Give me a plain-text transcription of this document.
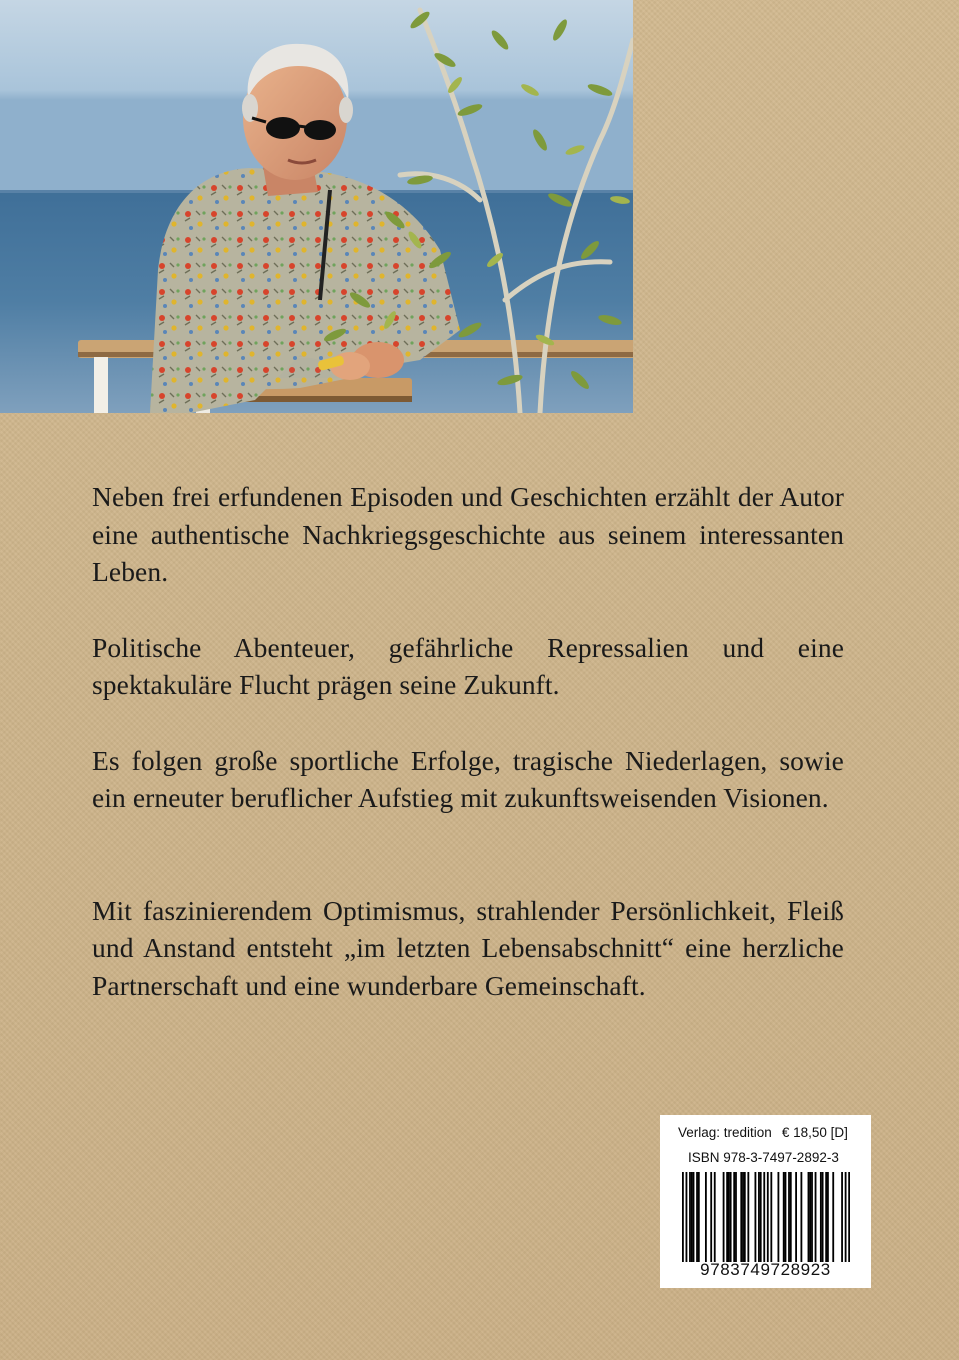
Neben frei erfundenen Episoden und Geschichten erzählt der Autor eine authentische Nachkriegsgeschichte aus seinem interessanten Leben.

Politische Abenteuer, gefährliche Repressalien und eine spektakuläre Flucht prägen seine Zukunft.

Es folgen große sportliche Erfolge, tragische Niederlagen, sowie ein erneuter beruflicher Aufstieg mit zukunftsweisenden Visionen.

Mit faszinierendem Optimismus, strahlender Persönlichkeit, Fleiß und Anstand entsteht „im letzten Lebensabschnitt“ eine herzliche Partnerschaft und eine wunderbare Gemeinschaft.

Verlag: tredition € 18,50 [D]
ISBN 978-3-7497-2892-3
9783749728923
